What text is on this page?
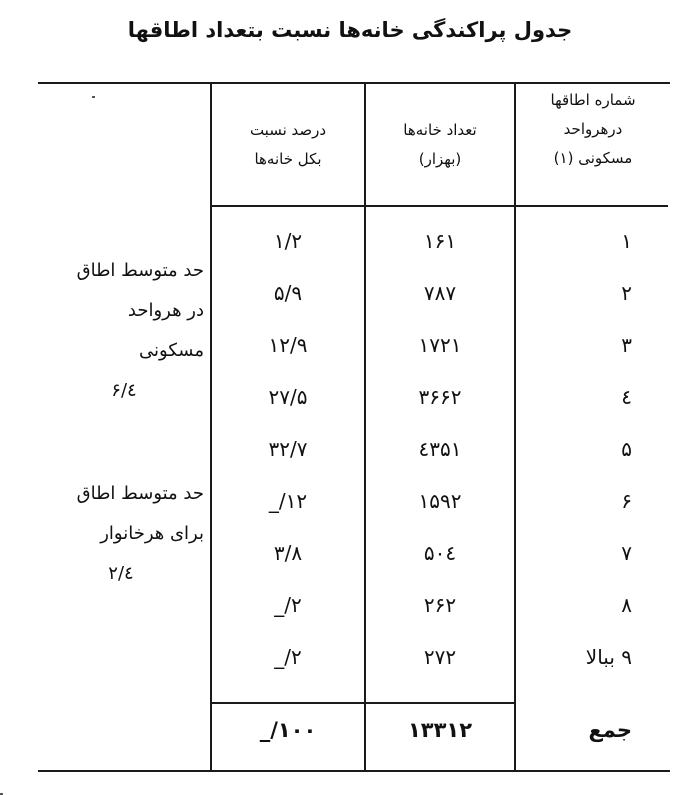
جدول پراکندگی خانه‌ها نسبت بتعداد اطاقها
شماره اطاقها
درهرواحد
مسکونی (۱)
۱
۲
۳
٤
۵
۶
۷
۸
۹ ببالا
جمع
تعداد خانه‌ها
(بهزار)
۱۶۱
۷۸۷
۱۷۲۱
۳۶۶۲
٤۳۵۱
۱۵۹۲
۵۰٤
۲۶۲
۲۷۲
۱۳۳۱۲
درصد نسبت
بکل خانه‌ها
۱/۲
۵/۹
۱۲/۹
۲۷/۵
۳۲/۷
۱۲/_
۳/۸
۲/_
۲/_
۱۰۰/_
حد متوسط اطاق
در هرواحد
مسکونی
٤/۶
حد متوسط اطاق
برای هرخانوار
٤/۲
